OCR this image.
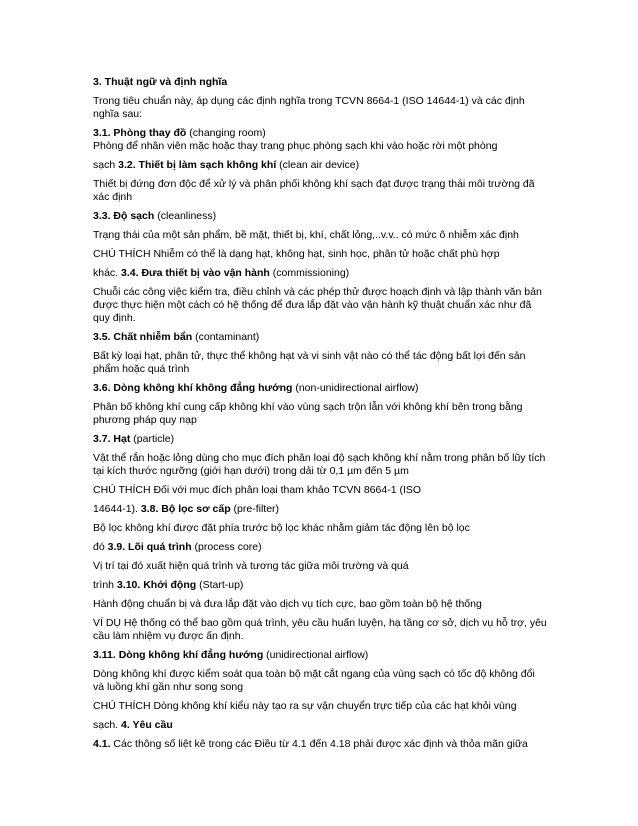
3. Thuật ngữ và định nghĩa

Trong tiêu chuẩn này, áp dụng các định nghĩa trong TCVN 8664-1 (ISO 14644-1) và các định nghĩa sau:

3.1. Phòng thay đồ (changing room)
Phòng để nhân viên mặc hoặc thay trang phục phòng sạch khi vào hoặc rời một phòng

sạch 3.2. Thiết bị làm sạch không khí (clean air device)

Thiết bị đứng đơn độc để xử lý và phân phối không khí sạch đạt được trạng thái môi trường đã xác định

3.3. Độ sạch (cleanliness)

Trạng thái của một sản phẩm, bề mặt, thiết bị, khí, chất lỏng,..v.v.. có mức ô nhiễm xác định

CHÚ THÍCH Nhiễm có thể là dạng hạt, không hạt, sinh học, phân tử hoặc chất phù hợp

khác. 3.4. Đưa thiết bị vào vận hành (commissioning)

Chuỗi các công việc kiểm tra, điều chỉnh và các phép thử được hoạch định và lập thành văn bản được thực hiện một cách có hệ thống để đưa lắp đặt vào vận hành kỹ thuật chuẩn xác như đã quy định.

3.5. Chất nhiễm bẩn (contaminant)

Bất kỳ loại hạt, phân tử, thực thể không hạt và vi sinh vật nào có thể tác động bất lợi đến sản phẩm hoặc quá trình

3.6. Dòng không khí không đẳng hướng (non-unidirectional airflow)

Phân bố không khí cung cấp không khí vào vùng sạch trộn lẫn với không khí bên trong bằng phương pháp quy nạp

3.7. Hạt (particle)

Vật thể rắn hoặc lỏng dùng cho mục đích phân loại độ sạch không khí nằm trong phân bố lũy tích tại kích thước ngưỡng (giới hạn dưới) trong dải từ 0,1 µm đến 5 µm

CHÚ THÍCH Đối với mục đích phân loại tham khảo TCVN 8664-1 (ISO

14644-1). 3.8. Bộ lọc sơ cấp (pre-filter)

Bộ lọc không khí được đặt phía trước bộ lọc khác nhằm giảm tác động lên bộ lọc

đó 3.9. Lõi quá trình (process core)

Vị trí tại đó xuất hiện quá trình và tương tác giữa môi trường và quá

trình 3.10. Khởi động (Start-up)

Hành động chuẩn bị và đưa lắp đặt vào dịch vụ tích cực, bao gồm toàn bộ hệ thống

VÍ DỤ Hệ thống có thể bao gồm quá trình, yêu cầu huấn luyện, hạ tầng cơ sở, dịch vụ hỗ trợ, yêu cầu làm nhiệm vụ được ấn định.

3.11. Dòng không khí đẳng hướng (unidirectional airflow)

Dòng không khí được kiểm soát qua toàn bộ mặt cắt ngang của vùng sạch có tốc độ không đổi và luồng khí gần như song song

CHÚ THÍCH Dòng không khí kiểu này tạo ra sự vận chuyển trực tiếp của các hạt khỏi vùng

sạch. 4. Yêu cầu

4.1. Các thông số liệt kê trong các Điều từ 4.1 đến 4.18 phải được xác định và thỏa mãn giữa
